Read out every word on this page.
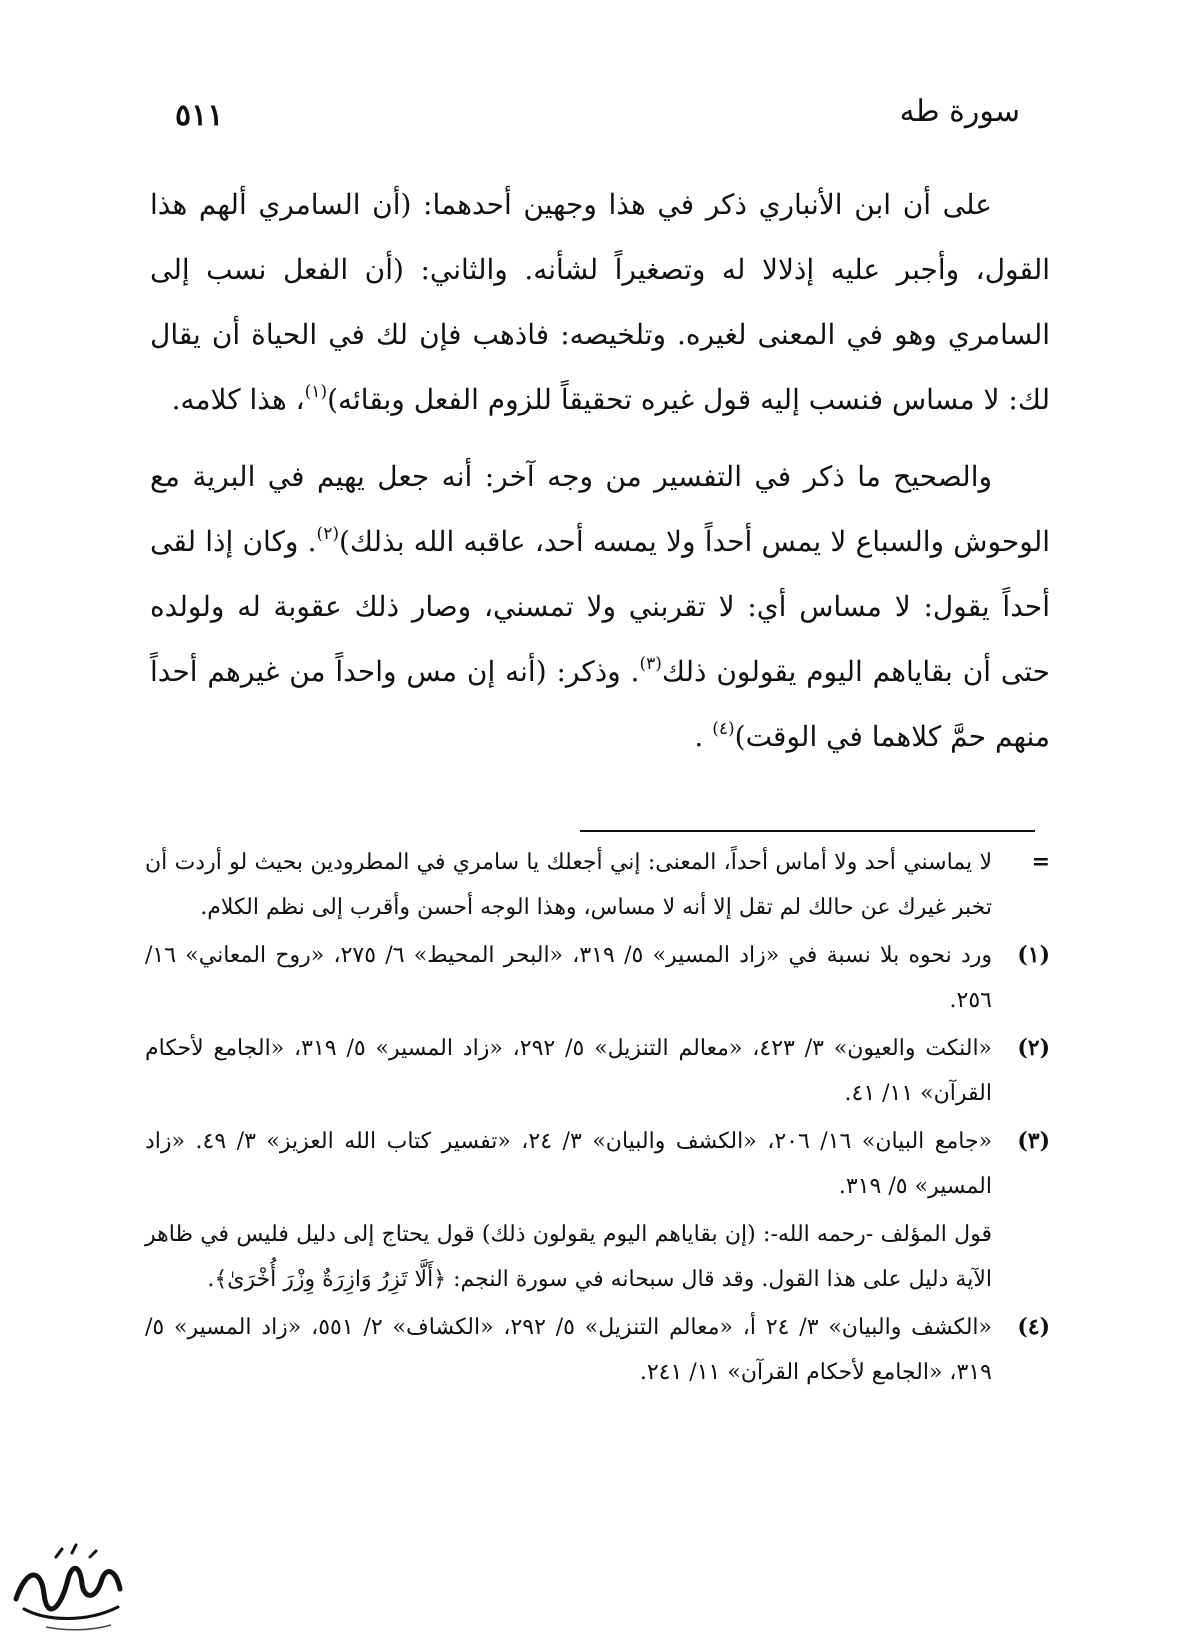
سورة طه
٥١١

على أن ابن الأنباري ذكر في هذا وجهين أحدهما: (أن السامري ألهم هذا القول، وأجبر عليه إذلالا له وتصغيراً لشأنه. والثاني: (أن الفعل نسب إلى السامري وهو في المعنى لغيره. وتلخيصه: فاذهب فإن لك في الحياة أن يقال لك: لا مساس فنسب إليه قول غيره تحقيقاً للزوم الفعل وبقائه)$^{(١)}$، هذا كلامه.

والصحيح ما ذكر في التفسير من وجه آخر: أنه جعل يهيم في البرية مع الوحوش والسباع لا يمس أحداً ولا يمسه أحد، عاقبه الله بذلك)$^{(٢)}$. وكان إذا لقى أحداً يقول: لا مساس أي: لا تقربني ولا تمسني، وصار ذلك عقوبة له ولولده حتى أن بقاياهم اليوم يقولون ذلك$^{(٣)}$. وذكر: (أنه إن مس واحداً من غيرهم أحداً منهم حمَّ كلاهما في الوقت)$^{(٤)}$ .

=
لا يماسني أحد ولا أماس أحداً، المعنى: إني أجعلك يا سامري في المطرودين بحيث لو أردت أن تخبر غيرك عن حالك لم تقل إلا أنه لا مساس، وهذا الوجه أحسن وأقرب إلى نظم الكلام.
(١)
ورد نحوه بلا نسبة في «زاد المسير» ٥/ ٣١٩، «البحر المحيط» ٦/ ٢٧٥، «روح المعاني» ١٦/ ٢٥٦.
(٢)
«النكت والعيون» ٣/ ٤٢٣، «معالم التنزيل» ٥/ ٢٩٢، «زاد المسير» ٥/ ٣١٩، «الجامع لأحكام القرآن» ١١/ ٤١.
(٣)
«جامع البيان» ١٦/ ٢٠٦، «الكشف والبيان» ٣/ ٢٤، «تفسير كتاب الله العزيز» ٣/ ٤٩. «زاد المسير» ٥/ ٣١٩.
قول المؤلف -رحمه الله-: (إن بقاياهم اليوم يقولون ذلك) قول يحتاج إلى دليل فليس في ظاهر الآية دليل على هذا القول. وقد قال سبحانه في سورة النجم: ﴿أَلَّا تَزِرُ وَازِرَةٌ وِزْرَ أُخْرَىٰ﴾.
(٤)
«الكشف والبيان» ٣/ ٢٤ أ، «معالم التنزيل» ٥/ ٢٩٢، «الكشاف» ٢/ ٥٥١، «زاد المسير» ٥/ ٣١٩، «الجامع لأحكام القرآن» ١١/ ٢٤١.
